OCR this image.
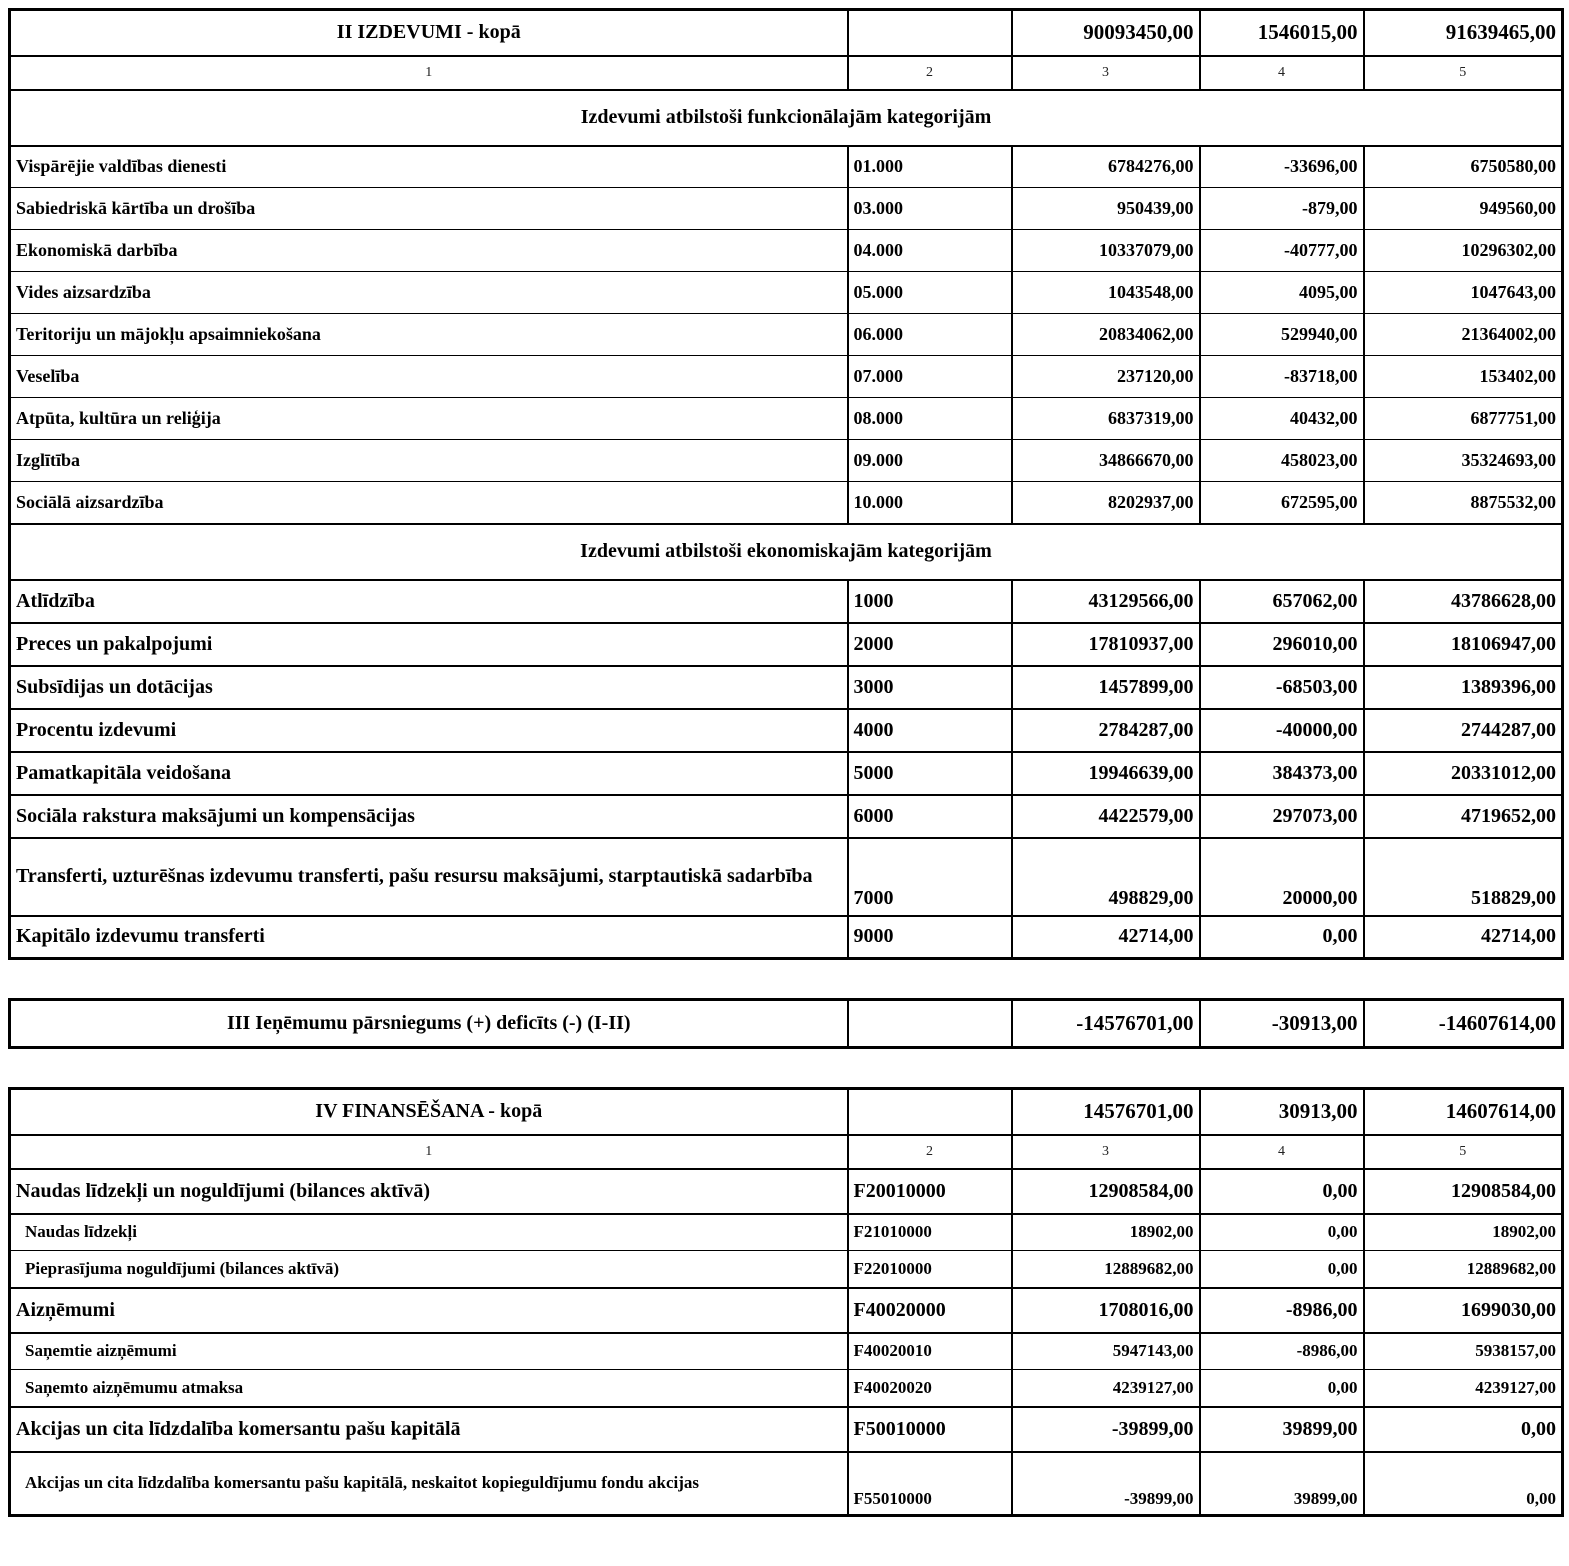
II IZDEVUMI - kopā		90093450,00	1546015,00	91639465,00
1	2	3	4	5
Izdevumi atbilstoši funkcionālajām kategorijām				
Vispārējie valdības dienesti	01.000	6784276,00	-33696,00	6750580,00
Sabiedriskā kārtība un drošība	03.000	950439,00	-879,00	949560,00
Ekonomiskā darbība	04.000	10337079,00	-40777,00	10296302,00
Vides aizsardzība	05.000	1043548,00	4095,00	1047643,00
Teritoriju un mājokļu apsaimniekošana	06.000	20834062,00	529940,00	21364002,00
Veselība	07.000	237120,00	-83718,00	153402,00
Atpūta, kultūra un reliģija	08.000	6837319,00	40432,00	6877751,00
Izglītība	09.000	34866670,00	458023,00	35324693,00
Sociālā aizsardzība	10.000	8202937,00	672595,00	8875532,00
Izdevumi atbilstoši ekonomiskajām kategorijām				
Atlīdzība	1000	43129566,00	657062,00	43786628,00
Preces un pakalpojumi	2000	17810937,00	296010,00	18106947,00
Subsīdijas un dotācijas	3000	1457899,00	-68503,00	1389396,00
Procentu izdevumi	4000	2784287,00	-40000,00	2744287,00
Pamatkapitāla veidošana	5000	19946639,00	384373,00	20331012,00
Sociāla rakstura maksājumi un kompensācijas	6000	4422579,00	297073,00	4719652,00
Transferti, uzturēšnas izdevumu transferti, pašu resursu maksājumi, starptautiskā sadarbība	7000	498829,00	20000,00	518829,00
Kapitālo izdevumu transferti	9000	42714,00	0,00	42714,00
III Ieņēmumu pārsniegums (+) deficīts (-) (I-II)		-14576701,00	-30913,00	-14607614,00
IV FINANSĒŠANA - kopā		14576701,00	30913,00	14607614,00
1	2	3	4	5
Naudas līdzekļi un noguldījumi (bilances aktīvā)	F20010000	12908584,00	0,00	12908584,00
Naudas līdzekļi	F21010000	18902,00	0,00	18902,00
Pieprasījuma noguldījumi (bilances aktīvā)	F22010000	12889682,00	0,00	12889682,00
Aizņēmumi	F40020000	1708016,00	-8986,00	1699030,00
Saņemtie aizņēmumi	F40020010	5947143,00	-8986,00	5938157,00
Saņemto aizņēmumu atmaksa	F40020020	4239127,00	0,00	4239127,00
Akcijas un cita līdzdalība komersantu pašu kapitālā	F50010000	-39899,00	39899,00	0,00
Akcijas un cita līdzdalība komersantu pašu kapitālā, neskaitot kopieguldījumu fondu akcijas	F55010000	-39899,00	39899,00	0,00
